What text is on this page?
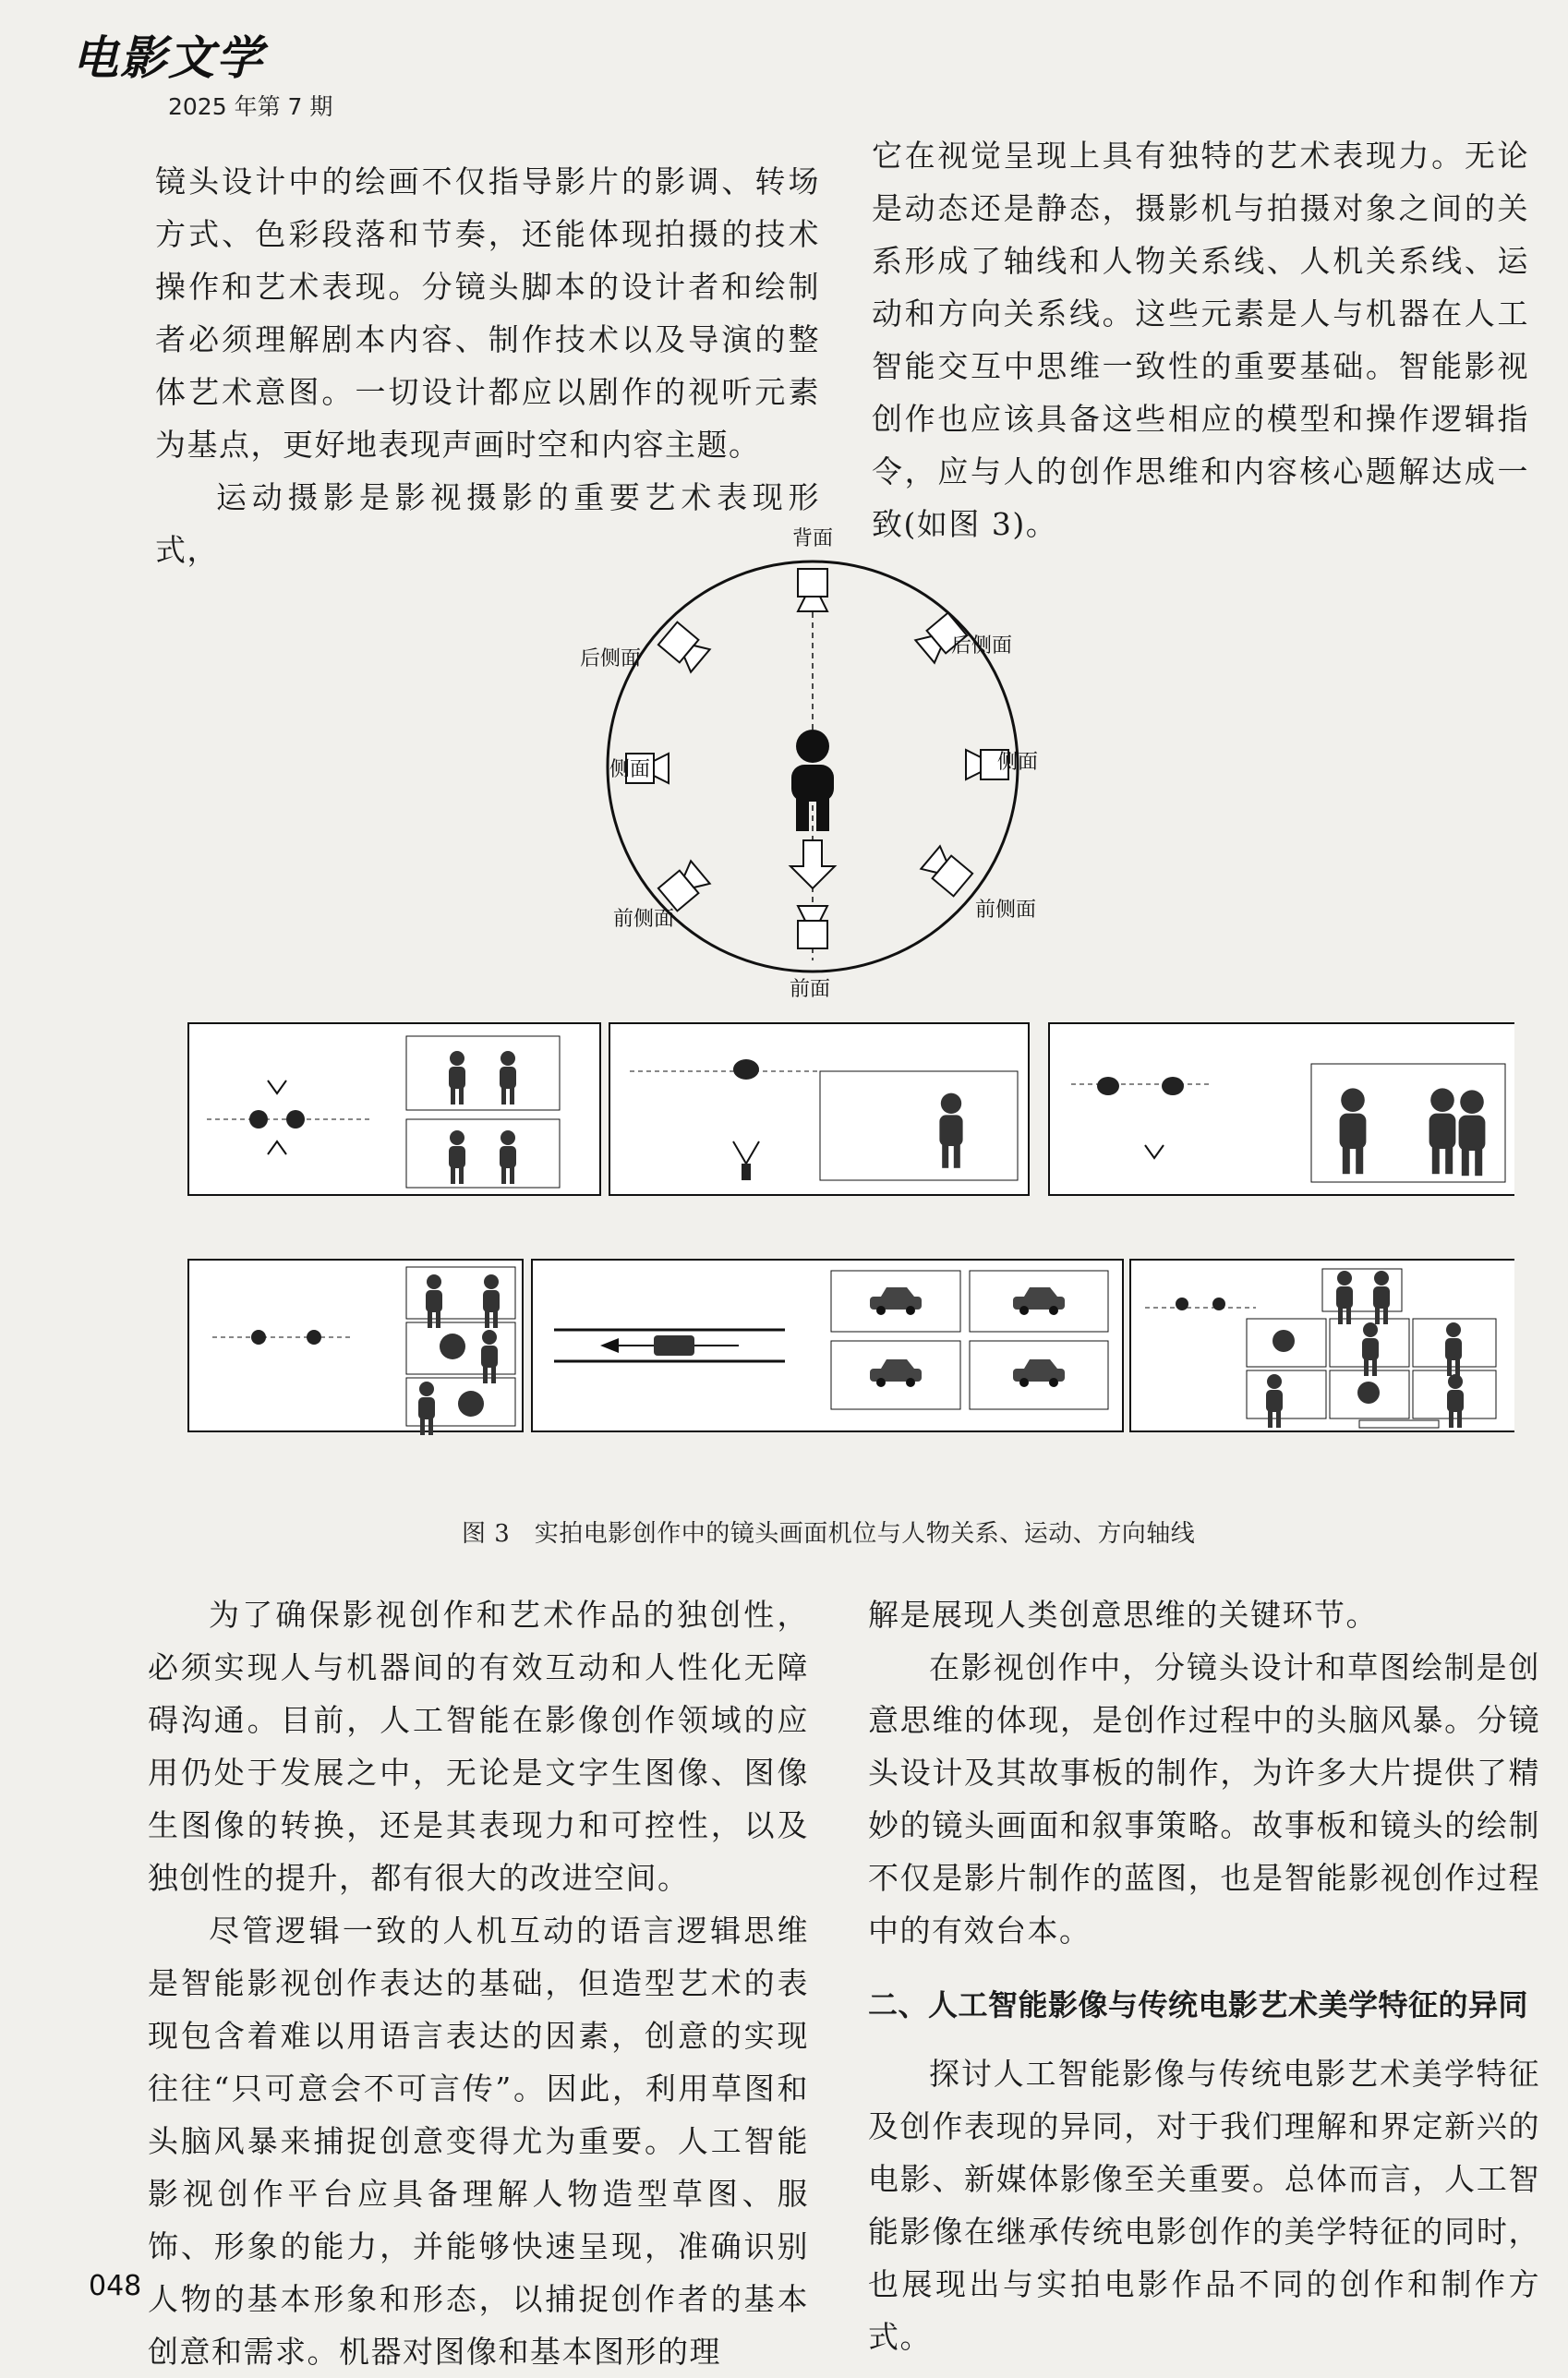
电影文学
2025 年第 7 期

镜头设计中的绘画不仅指导影片的影调、转场方式、色彩段落和节奏，还能体现拍摄的技术操作和艺术表现。分镜头脚本的设计者和绘制者必须理解剧本内容、制作技术以及导演的整体艺术意图。一切设计都应以剧作的视听元素为基点，更好地表现声画时空和内容主题。

运动摄影是影视摄影的重要艺术表现形式，

它在视觉呈现上具有独特的艺术表现力。无论是动态还是静态，摄影机与拍摄对象之间的关系形成了轴线和人物关系线、人机关系线、运动和方向关系线。这些元素是人与机器在人工智能交互中思维一致性的重要基础。智能影视创作也应该具备这些相应的模型和操作逻辑指令，应与人的创作思维和内容核心题解达成一致(如图 3)。

背面
后侧面
后侧面
侧面	侧面
前侧面	前侧面
前面
图 3　实拍电影创作中的镜头画面机位与人物关系、运动、方向轴线

为了确保影视创作和艺术作品的独创性，必须实现人与机器间的有效互动和人性化无障碍沟通。目前，人工智能在影像创作领域的应用仍处于发展之中，无论是文字生图像、图像生图像的转换，还是其表现力和可控性，以及独创性的提升，都有很大的改进空间。

尽管逻辑一致的人机互动的语言逻辑思维是智能影视创作表达的基础，但造型艺术的表现包含着难以用语言表达的因素，创意的实现往往“只可意会不可言传”。因此，利用草图和头脑风暴来捕捉创意变得尤为重要。人工智能影视创作平台应具备理解人物造型草图、服饰、形象的能力，并能够快速呈现，准确识别人物的基本形象和形态，以捕捉创作者的基本创意和需求。机器对图像和基本图形的理

解是展现人类创意思维的关键环节。

在影视创作中，分镜头设计和草图绘制是创意思维的体现，是创作过程中的头脑风暴。分镜头设计及其故事板的制作，为许多大片提供了精妙的镜头画面和叙事策略。故事板和镜头的绘制不仅是影片制作的蓝图，也是智能影视创作过程中的有效台本。

二、人工智能影像与传统电影艺术美学特征的异同

探讨人工智能影像与传统电影艺术美学特征及创作表现的异同，对于我们理解和界定新兴的电影、新媒体影像至关重要。总体而言，人工智能影像在继承传统电影创作的美学特征的同时，也展现出与实拍电影作品不同的创作和制作方式。

048
